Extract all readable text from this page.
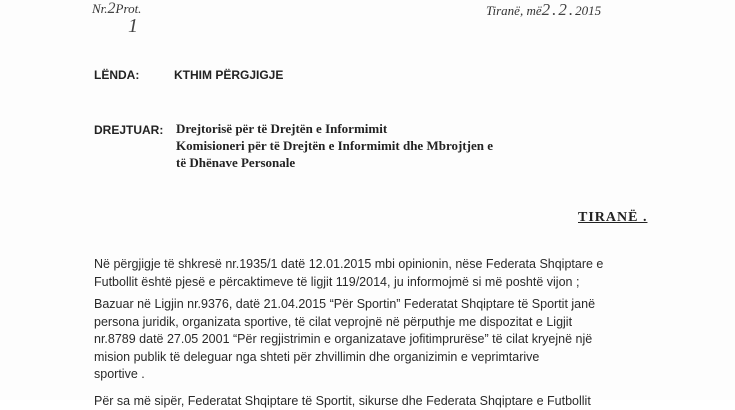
Nr.2Prot.
1
Tiranë, më2.2.2015
LËNDA:	KTHIM PËRGJIGJE
DREJTUAR: Drejtorisë për të Drejtën e Informimit
Komisioneri për të Drejtën e Informimit dhe Mbrojtjen e
të Dhënave Personale
TIRANË .
Në përgjigje të shkresë nr.1935/1 datë 12.01.2015 mbi opinionin, nëse Federata Shqiptare e
Futbollit është pjesë e përcaktimeve të ligjit 119/2014, ju informojmë si më poshtë vijon ;
Bazuar në Ligjin nr.9376, datë 21.04.2015 “Për Sportin” Federatat Shqiptare të Sportit janë
persona juridik, organizata sportive, të cilat veprojnë në përputhje me dispozitat e Ligjit
nr.8789 datë 27.05 2001 “Për regjistrimin e organizatave jofitimprurëse” të cilat kryejnë një
mision publik të deleguar nga shteti për zhvillimin dhe organizimin e veprimtarive
sportive .
Për sa më sipër, Federatat Shqiptare të Sportit, sikurse dhe Federata Shqiptare e Futbollit
